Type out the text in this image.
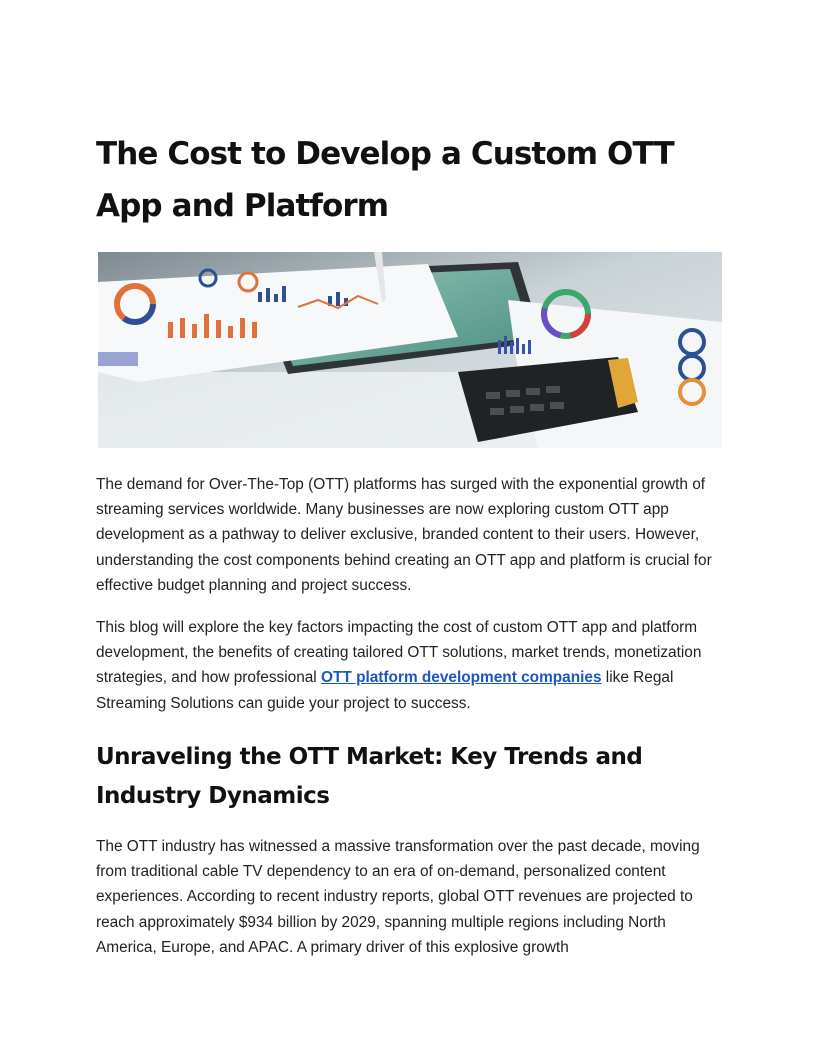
The Cost to Develop a Custom OTT App and Platform

The demand for Over-The-Top (OTT) platforms has surged with the exponential growth of streaming services worldwide. Many businesses are now exploring custom OTT app development as a pathway to deliver exclusive, branded content to their users. However, understanding the cost components behind creating an OTT app and platform is crucial for effective budget planning and project success.

This blog will explore the key factors impacting the cost of custom OTT app and platform development, the benefits of creating tailored OTT solutions, market trends, monetization strategies, and how professional OTT platform development companies like Regal Streaming Solutions can guide your project to success.

Unraveling the OTT Market: Key Trends and Industry Dynamics

The OTT industry has witnessed a massive transformation over the past decade, moving from traditional cable TV dependency to an era of on-demand, personalized content experiences. According to recent industry reports, global OTT revenues are projected to reach approximately $934 billion by 2029, spanning multiple regions including North America, Europe, and APAC. A primary driver of this explosive growth
